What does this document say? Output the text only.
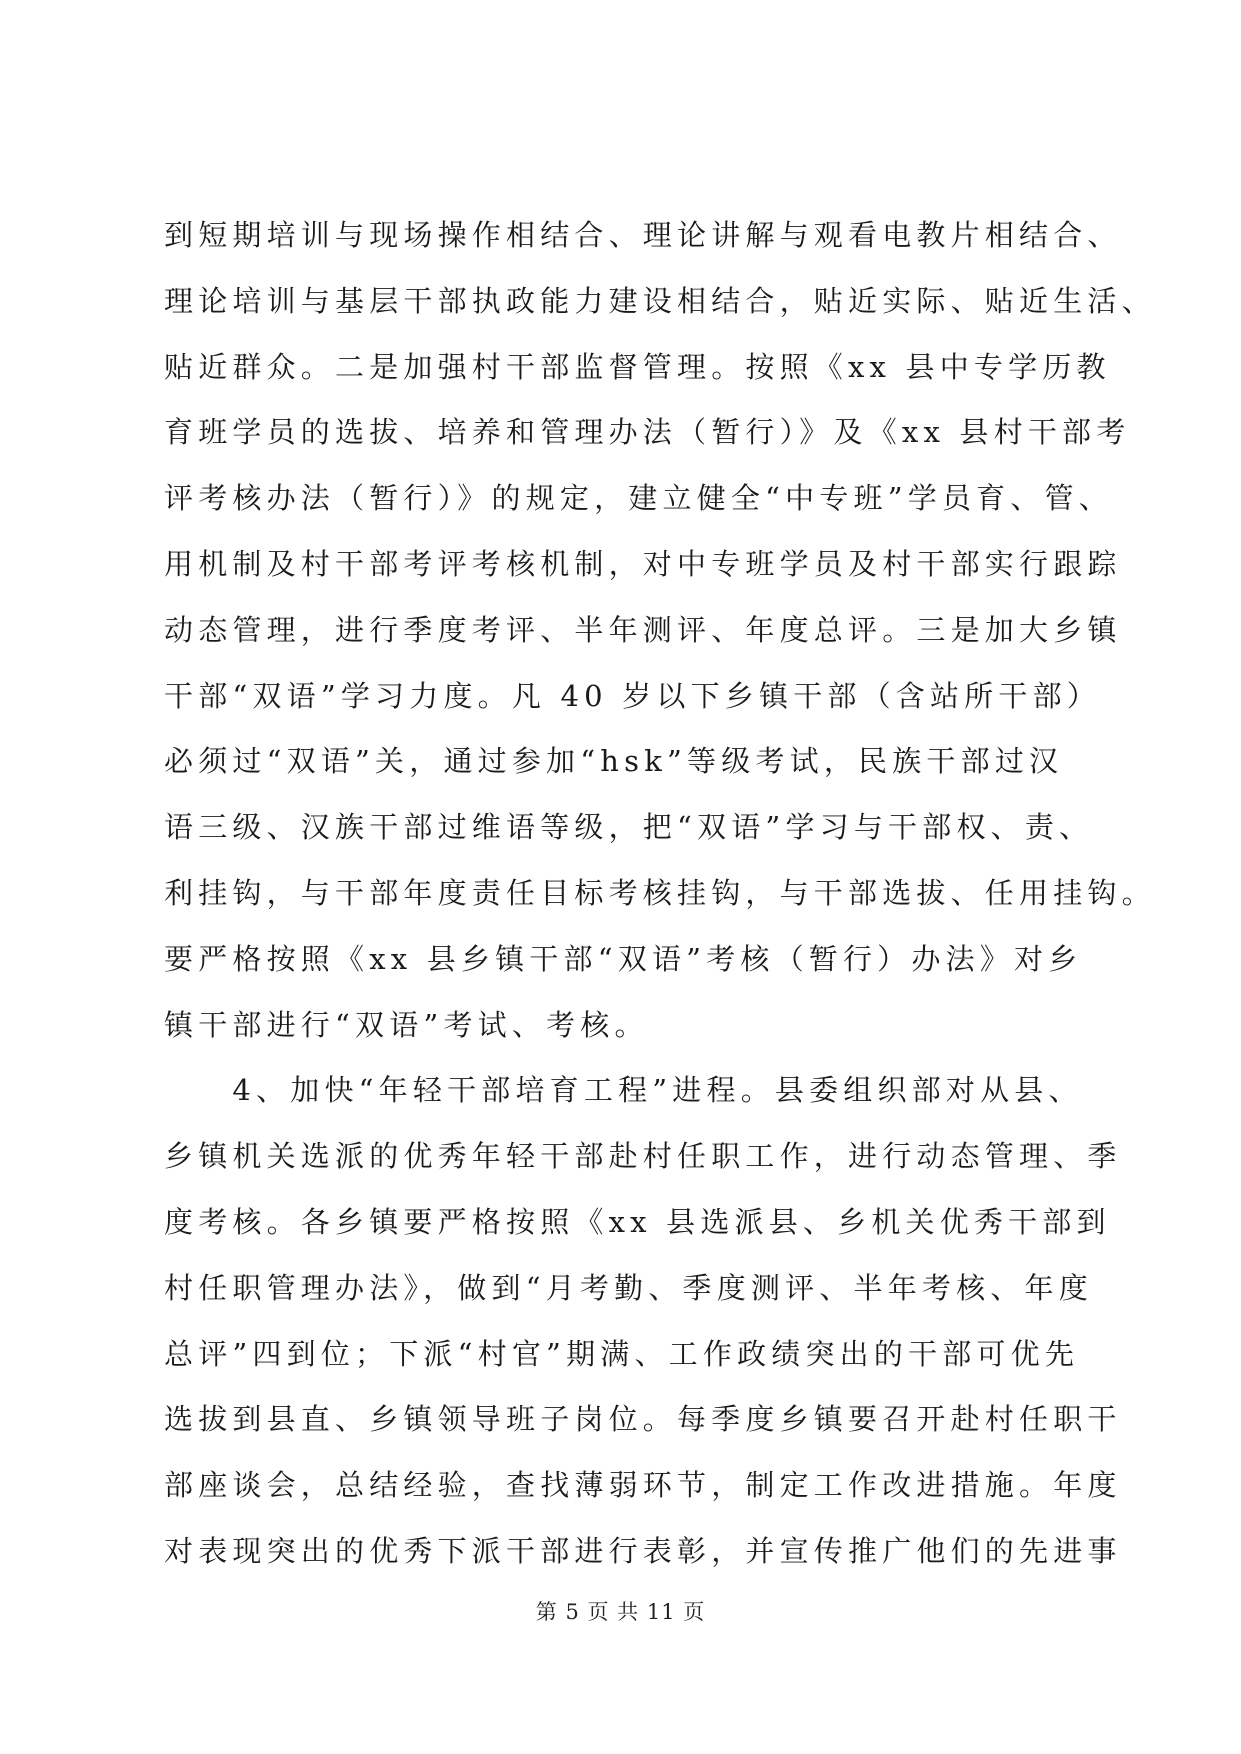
到短期培训与现场操作相结合、理论讲解与观看电教片相结合、
理论培训与基层干部执政能力建设相结合，贴近实际、贴近生活、
贴近群众。二是加强村干部监督管理。按照《xx 县中专学历教
育班学员的选拔、培养和管理办法（暂行）》及《xx 县村干部考
评考核办法（暂行）》的规定，建立健全“中专班”学员育、管、
用机制及村干部考评考核机制，对中专班学员及村干部实行跟踪
动态管理，进行季度考评、半年测评、年度总评。三是加大乡镇
干部“双语”学习力度。凡 40 岁以下乡镇干部（含站所干部）
必须过“双语”关，通过参加“hsk”等级考试，民族干部过汉
语三级、汉族干部过维语等级，把“双语”学习与干部权、责、
利挂钩，与干部年度责任目标考核挂钩，与干部选拔、任用挂钩。
要严格按照《xx 县乡镇干部“双语”考核（暂行）办法》对乡
镇干部进行“双语”考试、考核。
　　4、加快“年轻干部培育工程”进程。县委组织部对从县、
乡镇机关选派的优秀年轻干部赴村任职工作，进行动态管理、季
度考核。各乡镇要严格按照《xx 县选派县、乡机关优秀干部到
村任职管理办法》，做到“月考勤、季度测评、半年考核、年度
总评”四到位；下派“村官”期满、工作政绩突出的干部可优先
选拔到县直、乡镇领导班子岗位。每季度乡镇要召开赴村任职干
部座谈会，总结经验，查找薄弱环节，制定工作改进措施。年度
对表现突出的优秀下派干部进行表彰，并宣传推广他们的先进事
第 5 页 共 11 页
